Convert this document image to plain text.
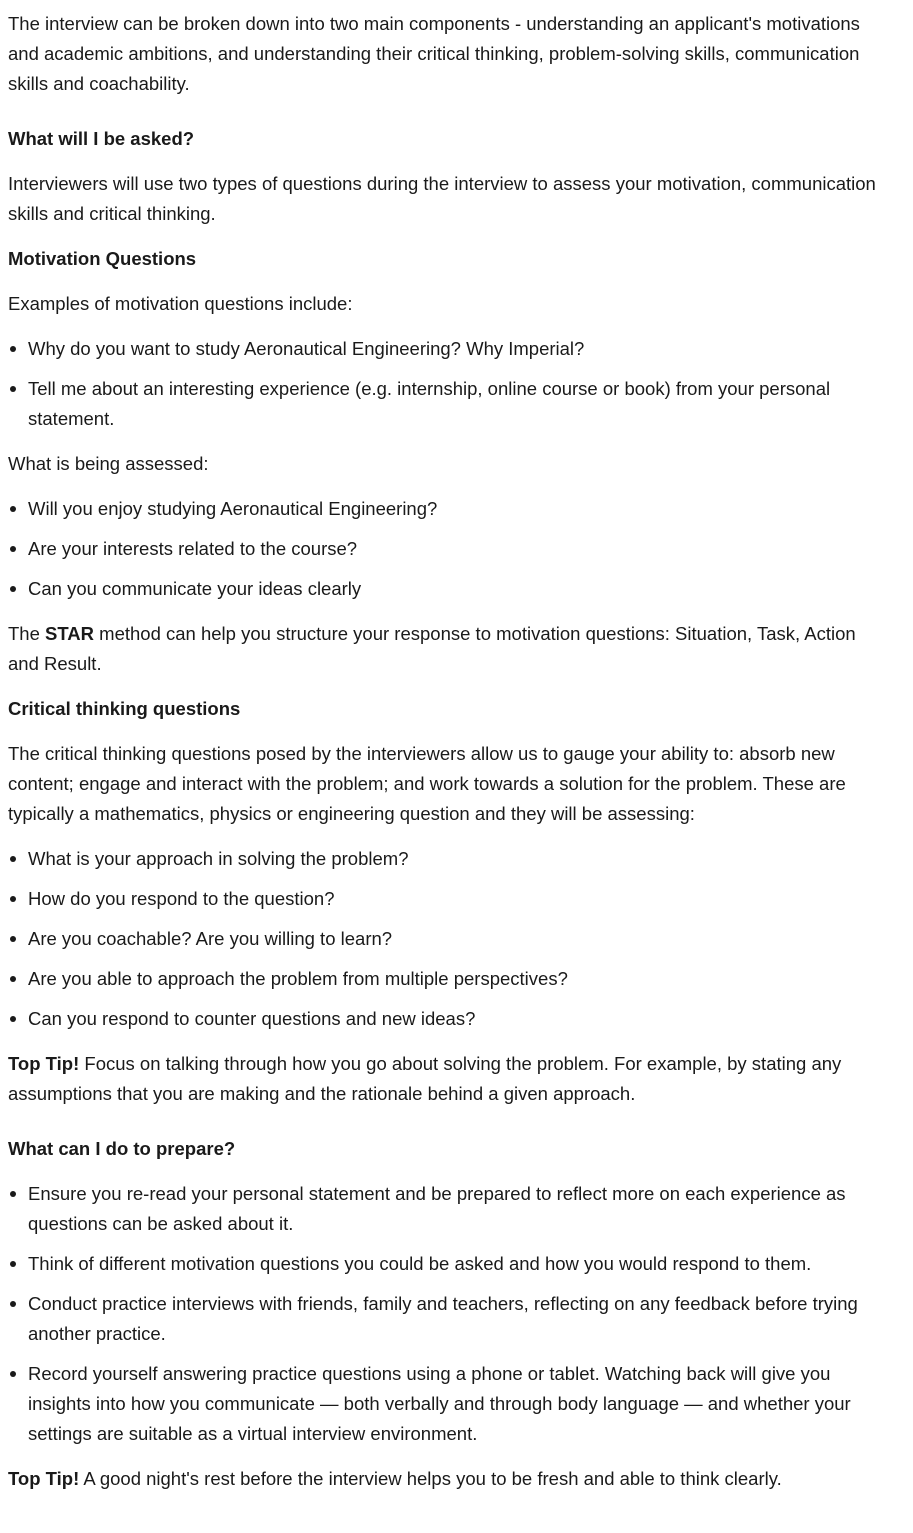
The interview can be broken down into two main components - understanding an applicant's motivations and academic ambitions, and understanding their critical thinking, problem-solving skills, communication skills and coachability.

What will I be asked?

Interviewers will use two types of questions during the interview to assess your motivation, communication skills and critical thinking.

Motivation Questions

Examples of motivation questions include:

Why do you want to study Aeronautical Engineering? Why Imperial?
Tell me about an interesting experience (e.g. internship, online course or book) from your personal statement.

What is being assessed:

Will you enjoy studying Aeronautical Engineering?
Are your interests related to the course?
Can you communicate your ideas clearly

The STAR method can help you structure your response to motivation questions: Situation, Task, Action and Result.

Critical thinking questions

The critical thinking questions posed by the interviewers allow us to gauge your ability to: absorb new content; engage and interact with the problem; and work towards a solution for the problem. These are typically a mathematics, physics or engineering question and they will be assessing:

What is your approach in solving the problem?
How do you respond to the question?
Are you coachable? Are you willing to learn?
Are you able to approach the problem from multiple perspectives?
Can you respond to counter questions and new ideas?

Top Tip! Focus on talking through how you go about solving the problem. For example, by stating any assumptions that you are making and the rationale behind a given approach.

What can I do to prepare?
Ensure you re-read your personal statement and be prepared to reflect more on each experience as questions can be asked about it.
Think of different motivation questions you could be asked and how you would respond to them.
Conduct practice interviews with friends, family and teachers, reflecting on any feedback before trying another practice.
Record yourself answering practice questions using a phone or tablet. Watching back will give you insights into how you communicate — both verbally and through body language — and whether your settings are suitable as a virtual interview environment.

Top Tip! A good night's rest before the interview helps you to be fresh and able to think clearly.
